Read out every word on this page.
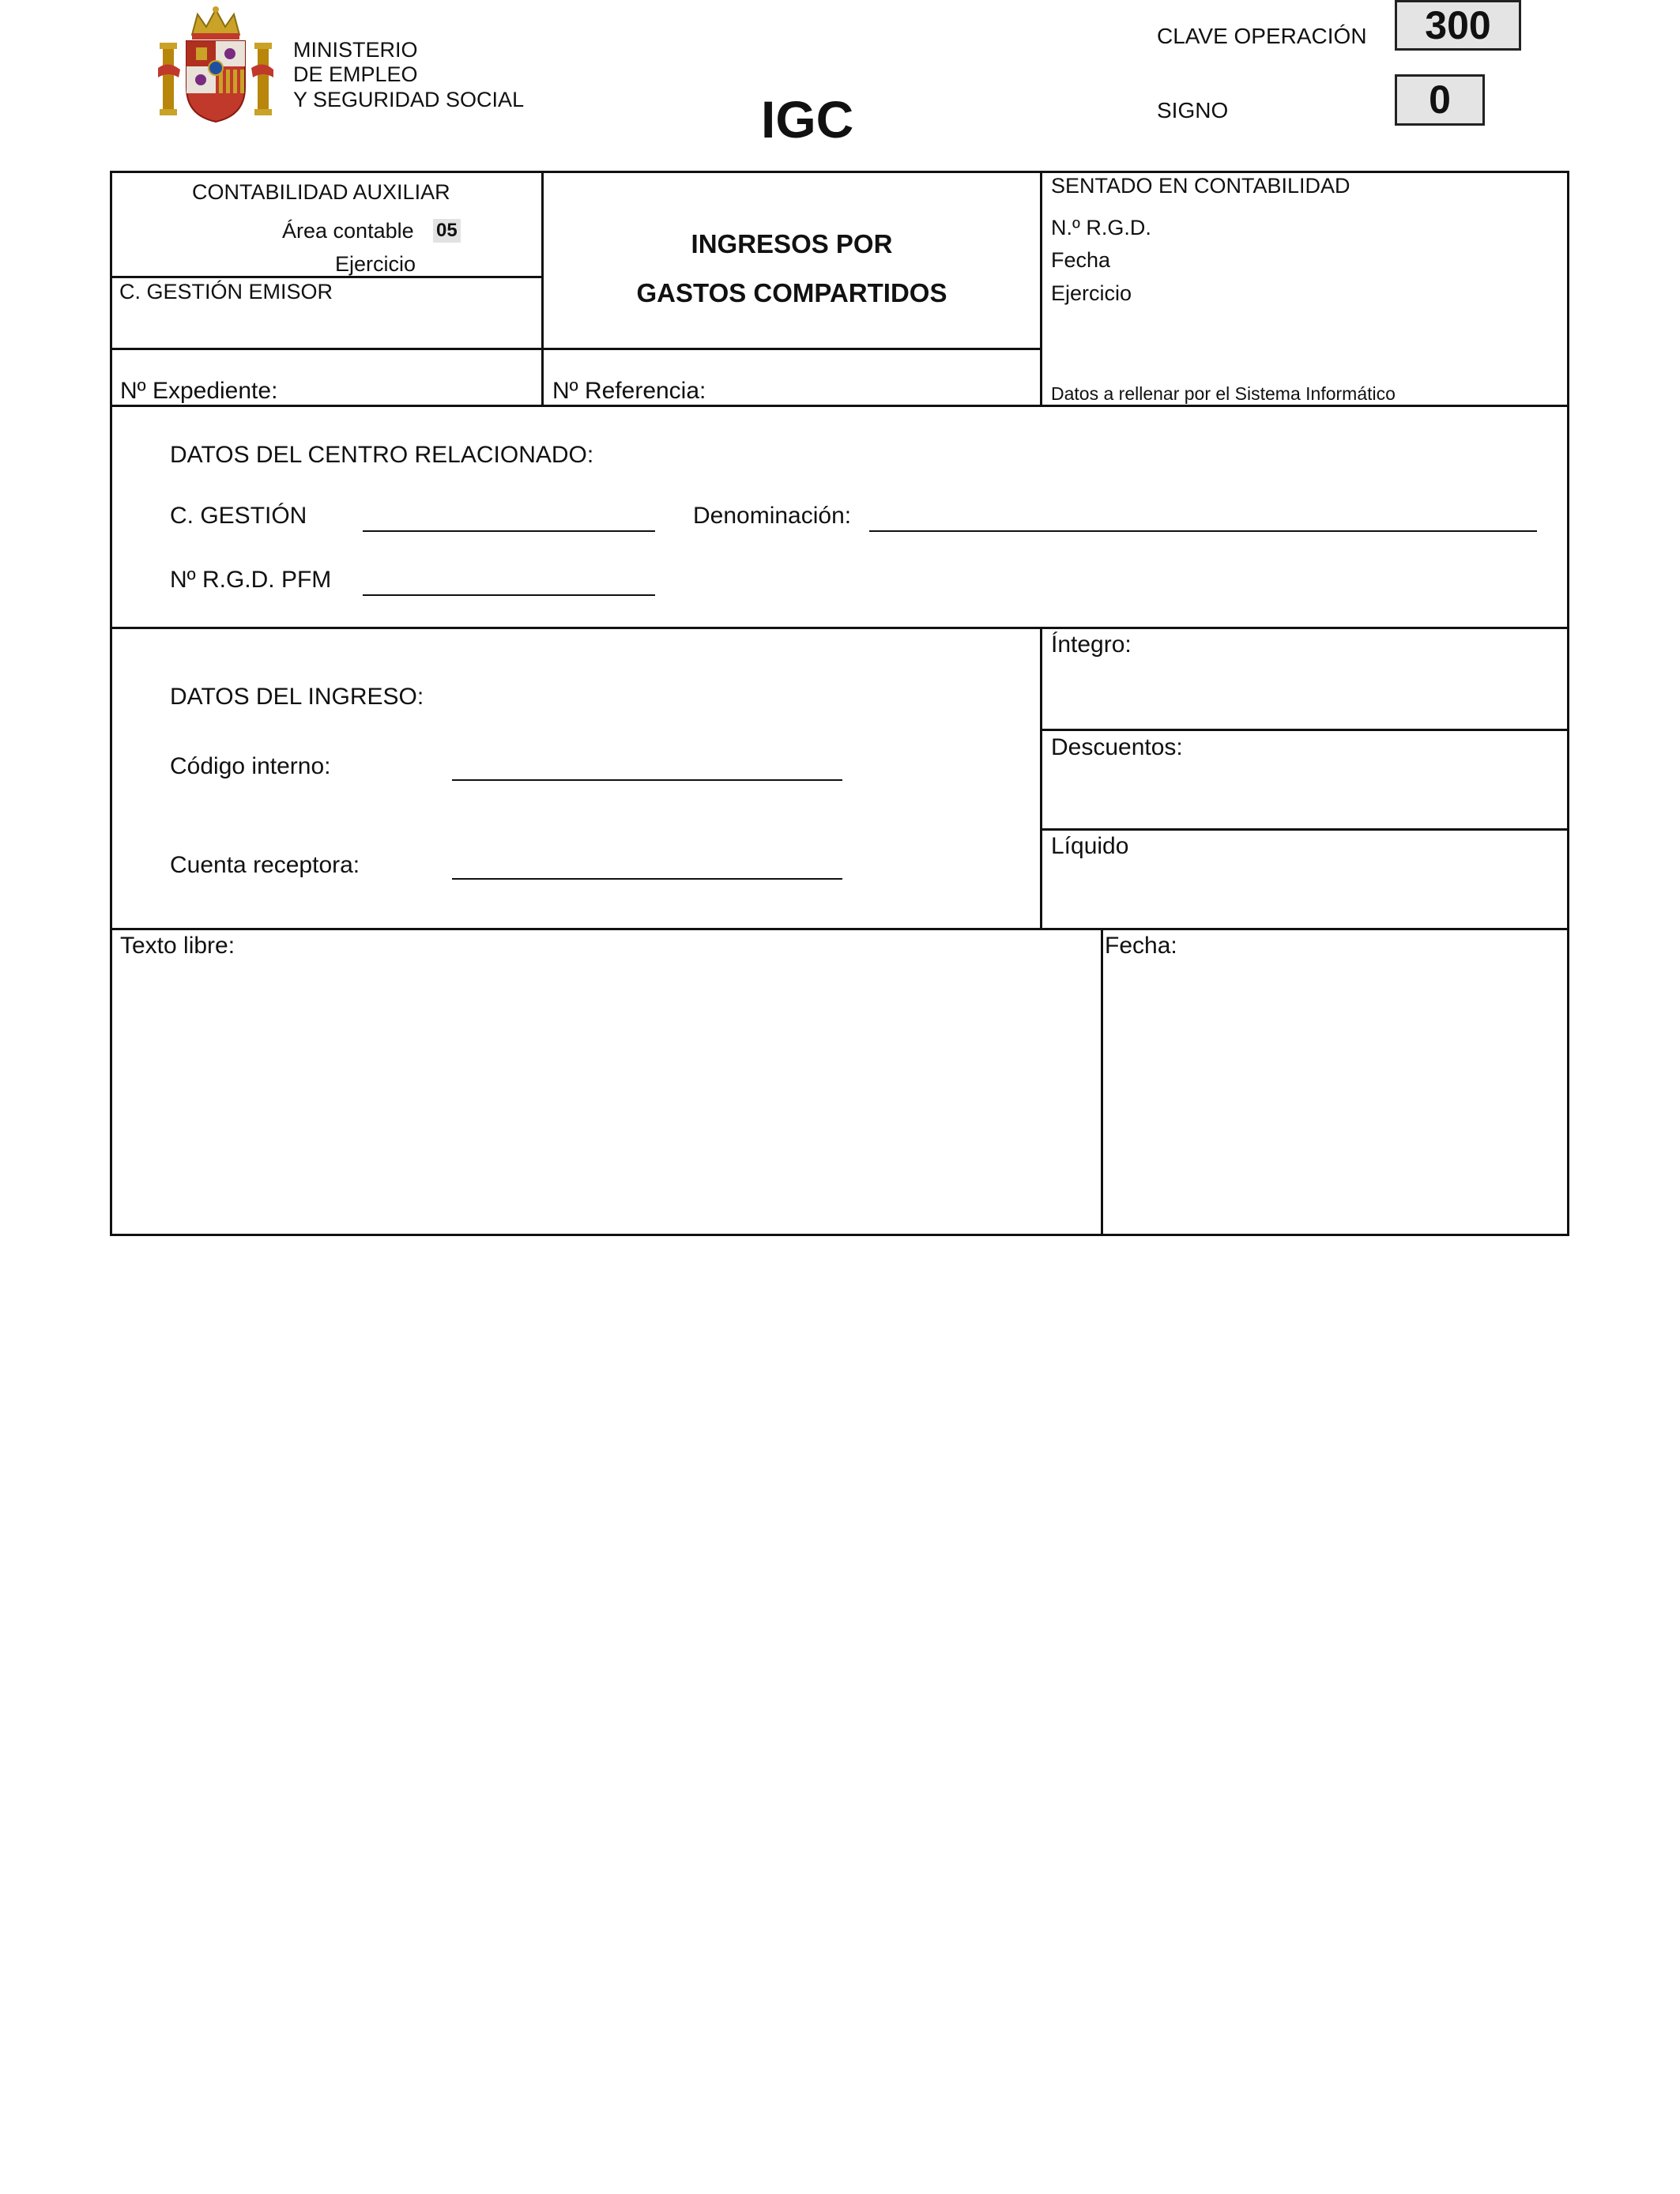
MINISTERIO
DE EMPLEO
Y SEGURIDAD SOCIAL	IGC
CLAVE OPERACIÓN	300
SIGNO	0
CONTABILIDAD AUXILIAR
Área contable 05
Ejercicio
C. GESTIÓN EMISOR
INGRESOS POR
GASTOS COMPARTIDOS
SENTADO EN CONTABILIDAD
N.º R.G.D.
Fecha
Ejercicio
Nº Expediente:	Nº Referencia:	Datos a rellenar por el Sistema Informático
DATOS DEL CENTRO RELACIONADO:
C. GESTIÓN	Denominación:
Nº R.G.D. PFM
DATOS DEL INGRESO:
Código interno:
Cuenta receptora:
Íntegro:
Descuentos:
Líquido
Texto libre:	Fecha:
